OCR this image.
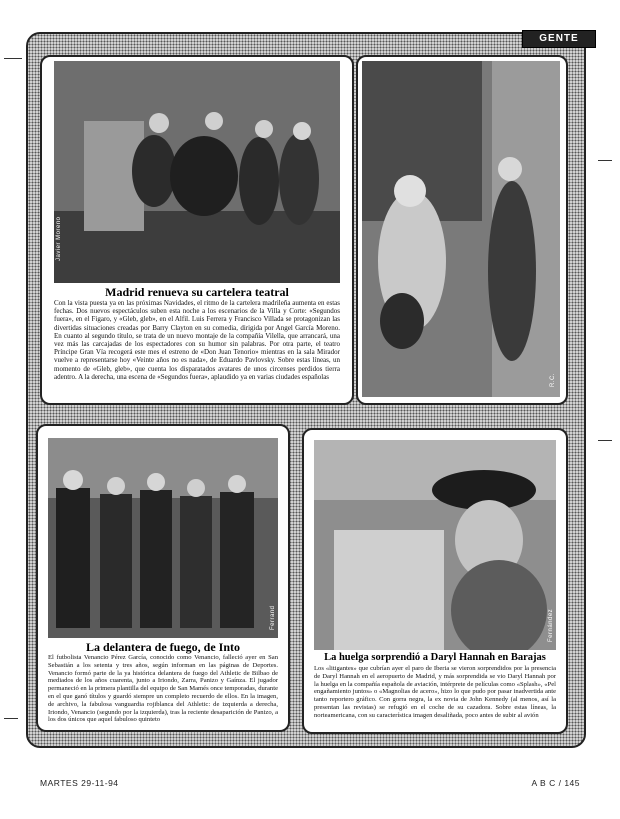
GENTE
Javier Moreno
Madrid renueva su cartelera teatral
Con la vista puesta ya en las próximas Navidades, el ritmo de la cartelera madrileña aumenta en estas fechas. Dos nuevos espectáculos suben esta noche a los escenarios de la Villa y Corte: «Segundos fuera», en el Figaro, y «Gleb, gleb», en el Alfil. Luis Ferrera y Francisco Villada se protagonizan las divertidas situaciones creadas por Barry Clayton en su comedia, dirigida por Angel García Moreno. En cuanto al segundo título, se trata de un nuevo montaje de la compañía Vilella, que arrancará, una vez más las carcajadas de los espectadores con su humor sin palabras. Por otra parte, el teatro Príncipe Gran Vía recogerá este mes el estreno de «Don Juan Tenorio» mientras en la sala Mirador vuelve a representarse hoy «Veinte años no es nada», de Eduardo Pavlovsky. Sobre estas líneas, un momento de «Gleb, gleb», que cuenta los disparatados avatares de unos circenses perdidos tierra adentro. A la derecha, una escena de «Segundos fuera», aplaudido ya en varias ciudades españolas	R.C.
Ferrand
La delantera de fuego, de Into
El futbolista Venancio Pérez García, conocido como Venancio, falleció ayer en San Sebastián a los setenta y tres años, según informan en las páginas de Deportes. Venancio formó parte de la ya histórica delantera de fuego del Athletic de Bilbao de mediados de los años cuarenta, junto a Iriondo, Zarra, Panizo y Gaínza. El jugador permaneció en la primera plantilla del equipo de San Mamés once temporadas, durante en el que ganó títulos y guardó siempre un completo recuerdo de ellos. En la imagen, de archivo, la fabulosa vanguardia rojiblanca del Athletic: de izquierda a derecha, Iriondo, Venancio (segundo por la izquierda), tras la reciente desaparición de Panizo, a los dos únicos que aquel fabuloso quinteto
Fernández
La huelga sorprendió a Daryl Hannah en Barajas
Los «litigantes» que cubrían ayer el paro de Iberia se vieron sorprendidos por la presencia de Daryl Hannah en el aeropuerto de Madrid, y más sorprendida se vio Daryl Hannah por la huelga en la compañía española de aviación, intérprete de películas como «Splash», «Pel engañamiento juntos» o «Magnolias de acero», hizo lo que pudo por pasar inadvertida ante tanto reportero gráfico. Con gorra negra, la ex novia de John Kennedy (al menos, así la presentan las revistas) se refugió en el coche de su cazadora. Sobre estas líneas, la norteamericana, con su característica imagen desaliñada, poco antes de subir al avión
MARTES 29-11-94	A B C / 145
